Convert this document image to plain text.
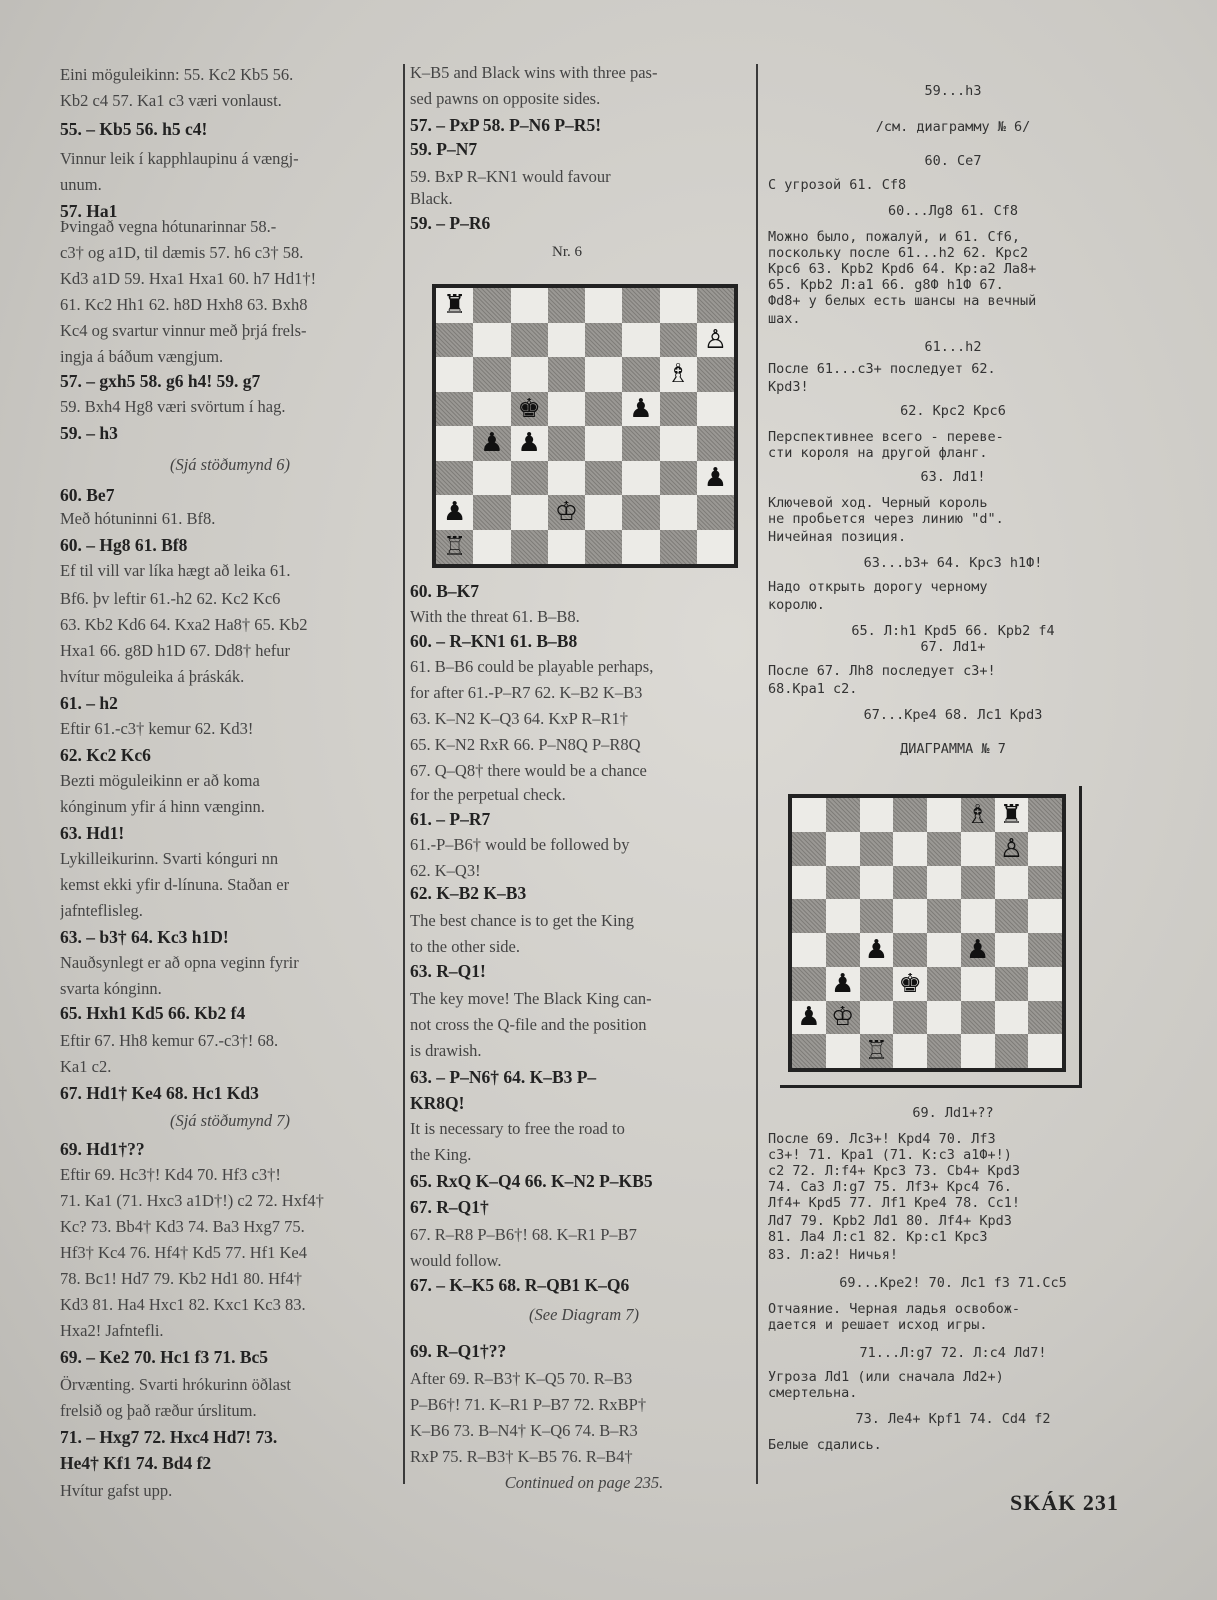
Eini möguleikinn: 55. Kc2 Kb5 56.
Kb2 c4 57. Ka1 c3 væri vonlaust.
55. – Kb5 56. h5 c4!
Vinnur leik í kapphlaupinu á vængj-
unum.
57. Ha1
Þvingað vegna hótunarinnar 58.-
c3† og a1D, til dæmis 57. h6 c3† 58.
Kd3 a1D 59. Hxa1 Hxa1 60. h7 Hd1†!
61. Kc2 Hh1 62. h8D Hxh8 63. Bxh8
Kc4 og svartur vinnur með þrjá frels-
ingja á báðum vængjum.
57. – gxh5 58. g6 h4! 59. g7
59. Bxh4 Hg8 væri svörtum í hag.
59. – h3
(Sjá stöðumynd 6)
60. Be7
Með hótuninni 61. Bf8.
60. – Hg8 61. Bf8
Ef til vill var líka hægt að leika 61.
Bf6. þv leftir 61.-h2 62. Kc2 Kc6
63. Kb2 Kd6 64. Kxa2 Ha8† 65. Kb2
Hxa1 66. g8D h1D 67. Dd8† hefur
hvítur möguleika á þráskák.
61. – h2
Eftir 61.-c3† kemur 62. Kd3!
62. Kc2 Kc6
Bezti möguleikinn er að koma
kónginum yfir á hinn vænginn.
63. Hd1!
Lykilleikurinn. Svarti kónguri nn
kemst ekki yfir d-línuna. Staðan er
jafnteflisleg.
63. – b3† 64. Kc3 h1D!
Nauðsynlegt er að opna veginn fyrir
svarta kónginn.
65. Hxh1 Kd5 66. Kb2 f4
Eftir 67. Hh8 kemur 67.-c3†! 68.
Ka1 c2.
67. Hd1† Ke4 68. Hc1 Kd3
(Sjá stöðumynd 7)
69. Hd1†??
Eftir 69. Hc3†! Kd4 70. Hf3 c3†!
71. Ka1 (71. Hxc3 a1D†!) c2 72. Hxf4†
Kc? 73. Bb4† Kd3 74. Ba3 Hxg7 75.
Hf3† Kc4 76. Hf4† Kd5 77. Hf1 Ke4
78. Bc1! Hd7 79. Kb2 Hd1 80. Hf4†
Kd3 81. Ha4 Hxc1 82. Kxc1 Kc3 83.
Hxa2! Jafntefli.
69. – Ke2 70. Hc1 f3 71. Bc5
Örvænting. Svarti hrókurinn öðlast
frelsið og það ræður úrslitum.
71. – Hxg7 72. Hxc4 Hd7! 73.
He4† Kf1 74. Bd4 f2
Hvítur gafst upp.
K–B5 and Black wins with three pas-
sed pawns on opposite sides.
57. – PxP 58. P–N6 P–R5!
59. P–N7
59. BxP R–KN1 would favour
Black.
59. – P–R6
60. B–K7
With the threat 61. B–B8.
60. – R–KN1 61. B–B8
61. B–B6 could be playable perhaps,
for after 61.-P–R7 62. K–B2 K–B3
63. K–N2 K–Q3 64. KxP R–R1†
65. K–N2 RxR 66. P–N8Q P–R8Q
67. Q–Q8† there would be a chance
for the perpetual check.
61. – P–R7
61.-P–B6† would be followed by
62. K–Q3!
62. K–B2 K–B3
The best chance is to get the King
to the other side.
63. R–Q1!
The key move! The Black King can-
not cross the Q-file and the position
is drawish.
63. – P–N6† 64. K–B3 P–
KR8Q!
It is necessary to free the road to
the King.
65. RxQ K–Q4 66. K–N2 P–KB5
67. R–Q1†
67. R–R8 P–B6†! 68. K–R1 P–B7
would follow.
67. – K–K5 68. R–QB1 K–Q6
(See Diagram 7)
69. R–Q1†??
After 69. R–B3† K–Q5 70. R–B3
P–B6†! 71. K–R1 P–B7 72. RxBP†
K–B6 73. B–N4† K–Q6 74. B–R3
RxP 75. R–B3† K–B5 76. R–B4†
Continued on page 235.
59...h3
/см. диаграмму № 6/
60. Се7
С угрозой 61. Сf8
60...Лg8 61. Сf8
Можно было, пожалуй, и 61. Сf6,
поскольку после 61...h2 62. Крс2
Крс6 63. Крb2 Крd6 64. Кр:а2 Ла8+
65. Крb2 Л:а1 66. g8Ф h1Ф 67.
Фd8+ у белых есть шансы на вечный
шах.
61...h2
После 61...с3+ последует 62.
Крd3!
62. Крс2 Крс6
Перспективнее всего - переве-
сти короля на другой фланг.
63. Лd1!
Ключевой ход. Черный король
не пробьется через линию "d".
Ничейная позиция.
63...b3+ 64. Крс3 h1Ф!
Надо открыть дорогу черному
королю.
65. Л:h1 Крd5 66. Крb2 f4
67. Лd1+
После 67. Лh8 последует с3+!
68.Кра1 с2.
67...Кре4 68. Лс1 Крd3
ДИАГРАММА № 7
69. Лd1+??
После 69. Лс3+! Крd4 70. Лf3
с3+! 71. Кра1 (71. К:с3 а1Ф+!)
с2 72. Л:f4+ Крс3 73. Сb4+ Крd3
74. Са3 Л:g7 75. Лf3+ Крс4 76.
Лf4+ Крd5 77. Лf1 Кре4 78. Сс1!
Лd7 79. Крb2 Лd1 80. Лf4+ Крd3
81. Ла4 Л:с1 82. Кр:с1 Крс3
83. Л:а2! Ничья!
69...Кре2! 70. Лс1 f3 71.Сс5
Отчаяние. Черная ладья освобож-
дается и решает исход игры.
71...Л:g7 72. Л:с4 Лd7!
Угроза Лd1 (или сначала Лd2+)
смертельна.
73. Ле4+ Крf1 74. Сd4 f2
Белые сдались.
Nr. 6
♜
♙
♗
♚	♟
♟ ♟
♟
♟	♔
♖
♗ ♜
♙
♟	♟
♟ ♚
♟ ♔
♖
SKÁK 231
